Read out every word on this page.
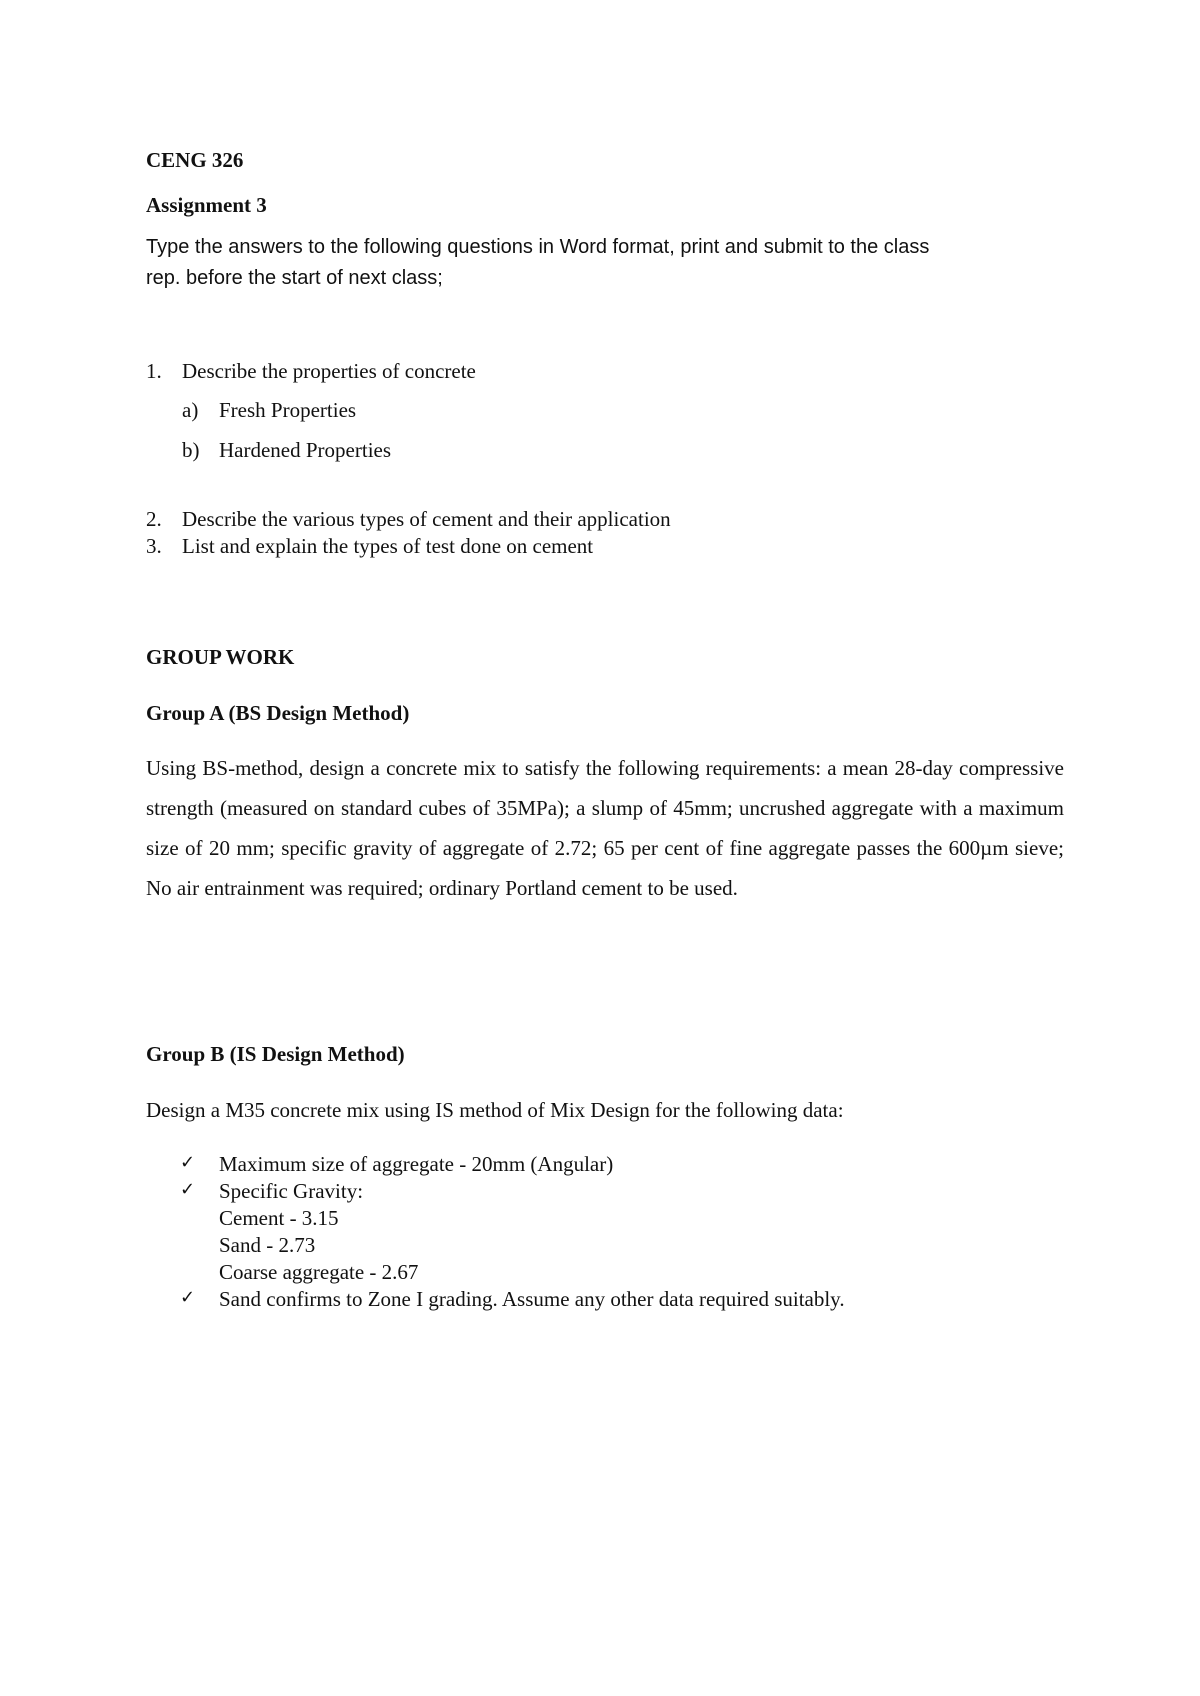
CENG 326
Assignment 3
Type the answers to the following questions in Word format, print and submit to the class
rep. before the start of next class;
1. Describe the properties of concrete
a) Fresh Properties
b) Hardened Properties
2. Describe the various types of cement and their application
3. List and explain the types of test done on cement
GROUP WORK
Group A (BS Design Method)
Using BS-method, design a concrete mix to satisfy the following requirements: a mean 28-day compressive strength (measured on standard cubes of 35MPa); a slump of 45mm; uncrushed aggregate with a maximum size of 20 mm; specific gravity of aggregate of 2.72; 65 per cent of fine aggregate passes the 600µm sieve; No air entrainment was required; ordinary Portland cement to be used.
Group B (IS Design Method)
Design a M35 concrete mix using IS method of Mix Design for the following data:
✓ Maximum size of aggregate - 20mm (Angular)
✓ Specific Gravity:
Cement - 3.15
Sand - 2.73
Coarse aggregate - 2.67
✓ Sand confirms to Zone I grading. Assume any other data required suitably.
